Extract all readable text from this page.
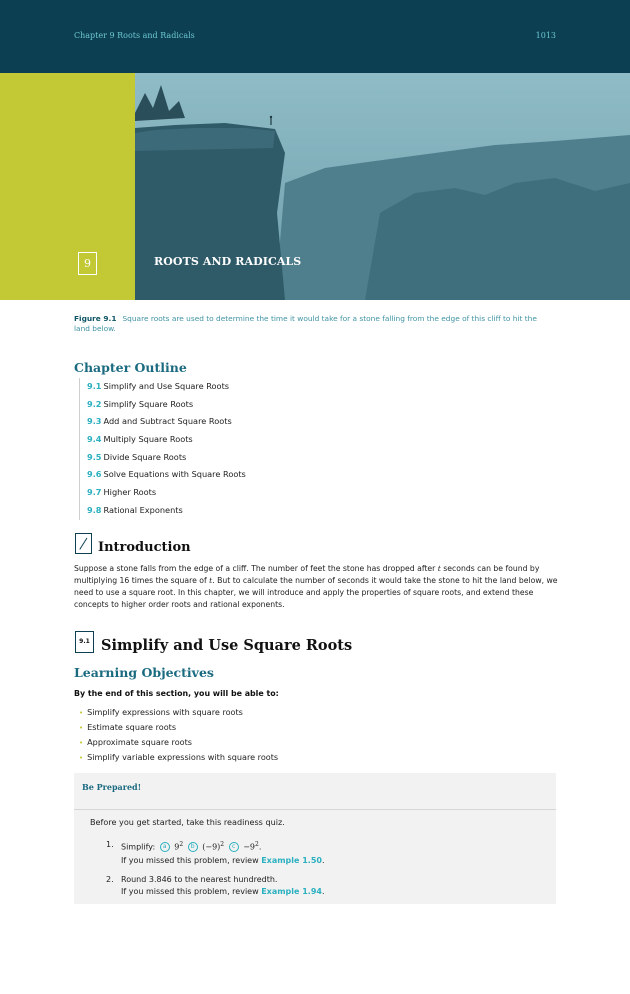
Chapter 9 Roots and Radicals	1013
9	ROOTS AND RADICALS
Figure 9.1 Square roots are used to determine the time it would take for a stone falling from the edge of this cliff to hit the land below.
Chapter Outline
9.1 Simplify and Use Square Roots
9.2 Simplify Square Roots
9.3 Add and Subtract Square Roots
9.4 Multiply Square Roots
9.5 Divide Square Roots
9.6 Solve Equations with Square Roots
9.7 Higher Roots
9.8 Rational Exponents
Introduction
Suppose a stone falls from the edge of a cliff. The number of feet the stone has dropped after t seconds can be found by multiplying 16 times the square of t. But to calculate the number of seconds it would take the stone to hit the land below, we need to use a square root. In this chapter, we will introduce and apply the properties of square roots, and extend these concepts to higher order roots and rational exponents.
9.1 Simplify and Use Square Roots
Learning Objectives
By the end of this section, you will be able to:
• Simplify expressions with square roots
• Estimate square roots
• Approximate square roots
• Simplify variable expressions with square roots
Be Prepared!
Before you get started, take this readiness quiz.
1. Simplify: a $9^2$ b $(-9)^2$ $c -9^2$.
If you missed this problem, review Example 1.50.
2. Round 3.846 to the nearest hundredth.
If you missed this problem, review Example 1.94.
